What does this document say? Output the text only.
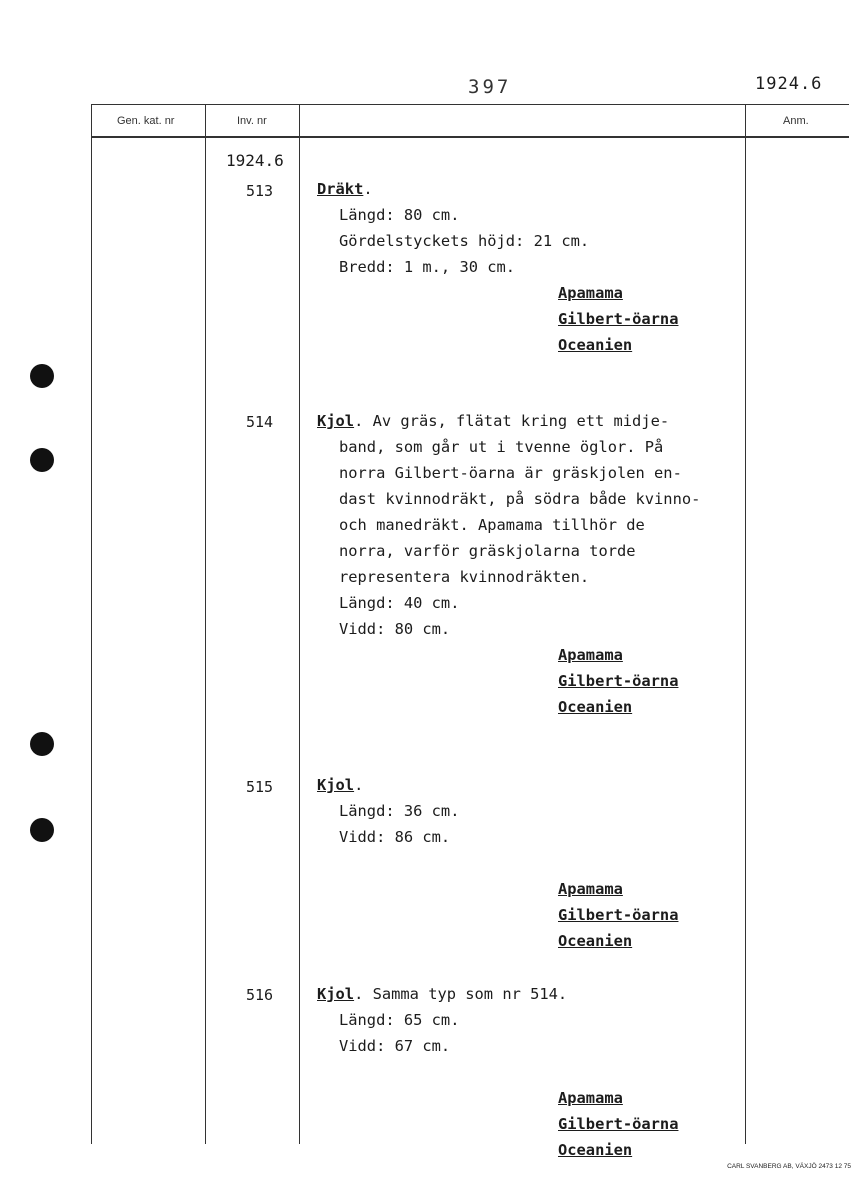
397	1924.6
Gen. kat. nr	Inv. nr	Anm.
1924.6
513	Dräkt.
Längd: 80 cm.
Gördelstyckets höjd: 21 cm.
Bredd: 1 m., 30 cm.
Apamama
Gilbert-öarna
Oceanien
514	Kjol. Av gräs, flätat kring ett midje-
band, som går ut i tvenne öglor. På
norra Gilbert-öarna är gräskjolen en-
dast kvinnodräkt, på södra både kvinno-
och manedräkt. Apamama tillhör de
norra, varför gräskjolarna torde
representera kvinnodräkten.
Längd: 40 cm.
Vidd: 80 cm.
Apamama
Gilbert-öarna
Oceanien
515	Kjol.
Längd: 36 cm.
Vidd: 86 cm.
Apamama
Gilbert-öarna
Oceanien
516	Kjol. Samma typ som nr 514.
Längd: 65 cm.
Vidd: 67 cm.
Apamama
Gilbert-öarna
Oceanien
CARL SVANBERG AB, VÄXJÖ 2473 12 75
